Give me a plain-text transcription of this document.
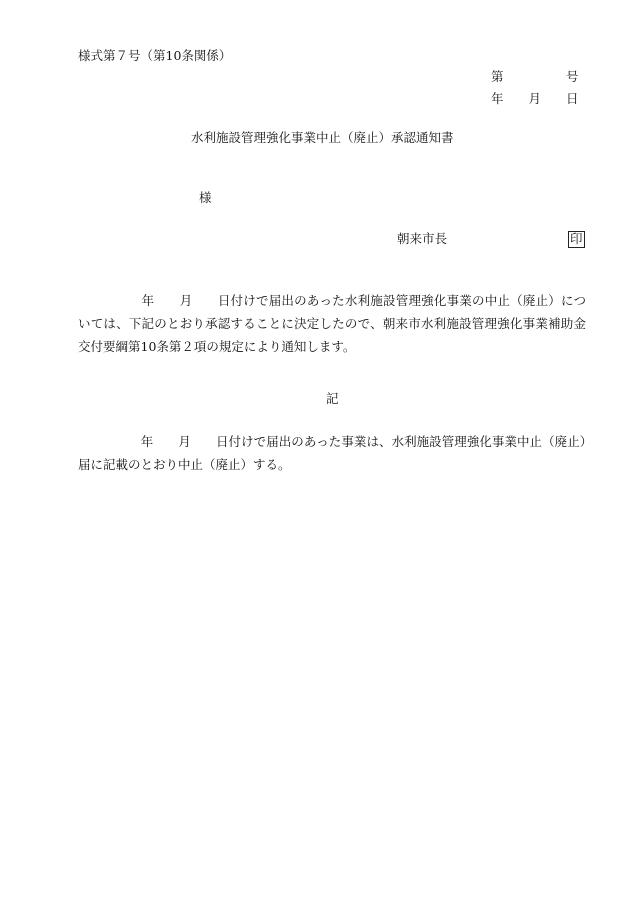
様式第７号（第10条関係）
第　　　　　号
年　　月　　日
水利施設管理強化事業中止（廃止）承認通知書
様
朝来市長	印
　　　　　年　　月　　日付けで届出のあった水利施設管理強化事業の中止（廃止）については、下記のとおり承認することに決定したので、朝来市水利施設管理強化事業補助金交付要綱第10条第２項の規定により通知します。
記
　　　　　年　　月　　日付けで届出のあった事業は、水利施設管理強化事業中止（廃止）届に記載のとおり中止（廃止）する。
